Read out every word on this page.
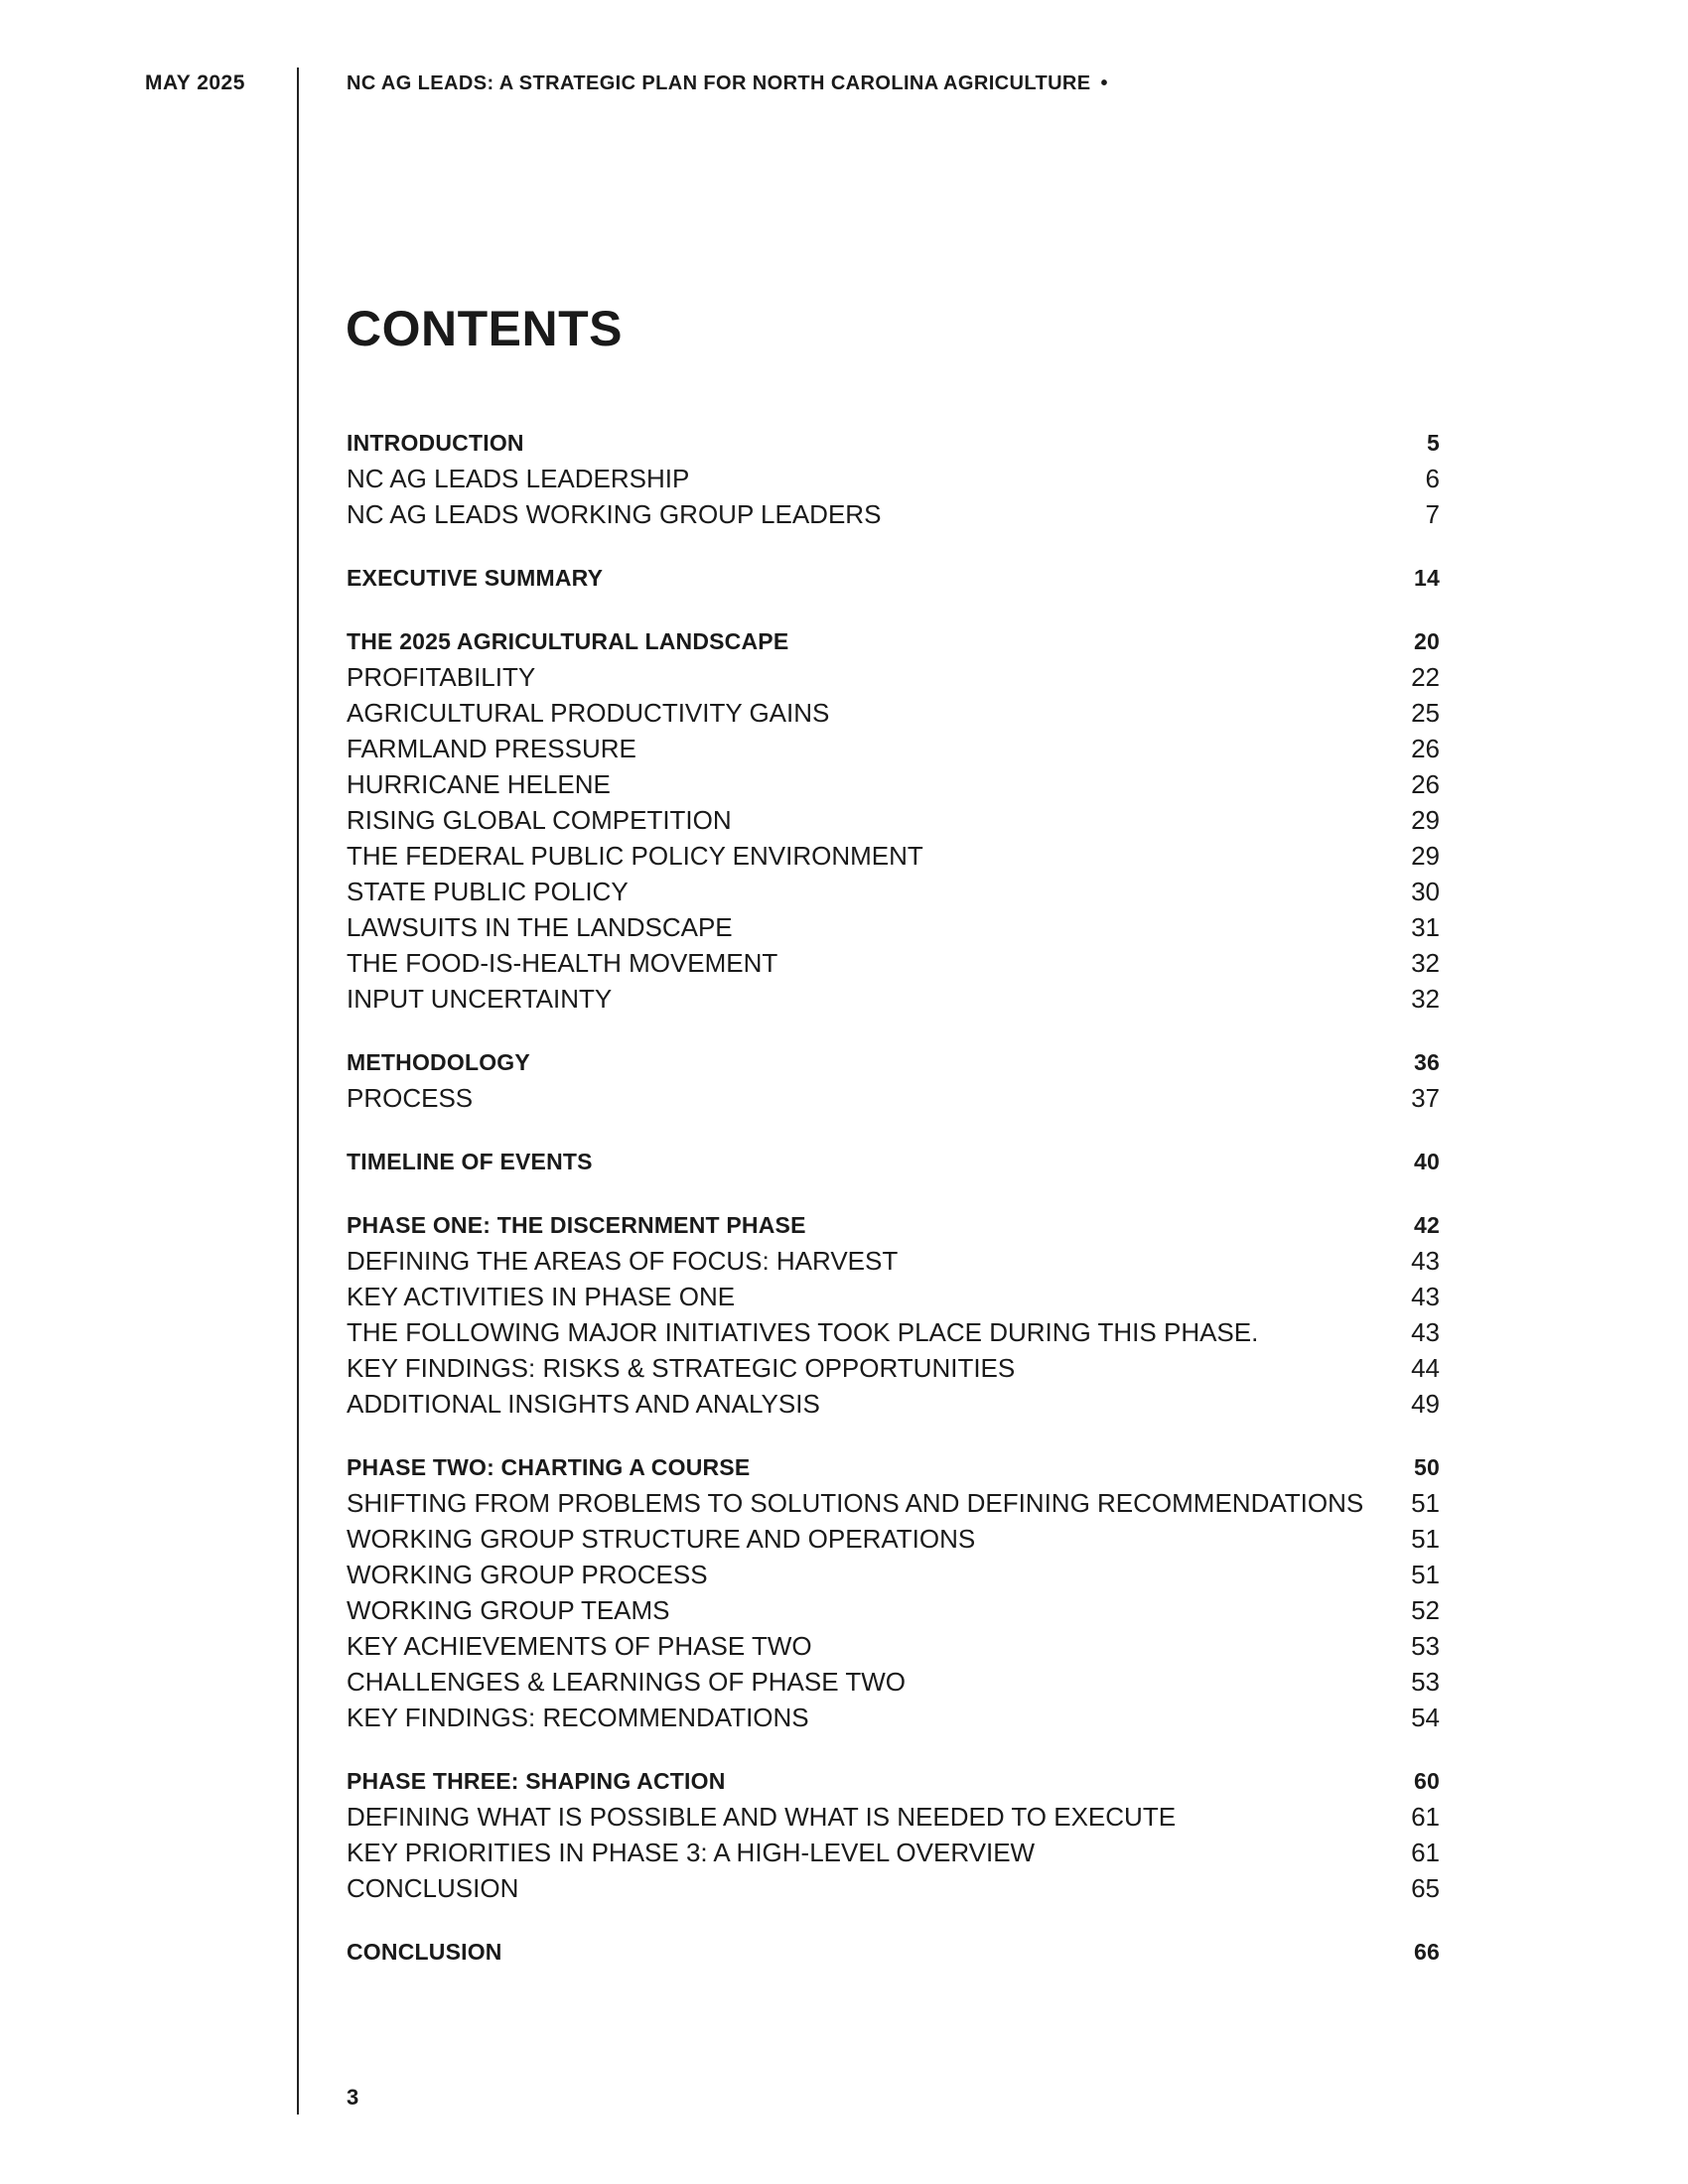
MAY 2025	NC AG LEADS: A STRATEGIC PLAN FOR NORTH CAROLINA AGRICULTURE •
CONTENTS
INTRODUCTION	5
NC AG LEADS LEADERSHIP	6
NC AG LEADS WORKING GROUP LEADERS	7
EXECUTIVE SUMMARY	14
THE 2025 AGRICULTURAL LANDSCAPE	20
PROFITABILITY	22
AGRICULTURAL PRODUCTIVITY GAINS	25
FARMLAND PRESSURE	26
HURRICANE HELENE	26
RISING GLOBAL COMPETITION	29
THE FEDERAL PUBLIC POLICY ENVIRONMENT	29
STATE PUBLIC POLICY	30
LAWSUITS IN THE LANDSCAPE	31
THE FOOD-IS-HEALTH MOVEMENT	32
INPUT UNCERTAINTY	32
METHODOLOGY	36
PROCESS	37
TIMELINE OF EVENTS	40
PHASE ONE: THE DISCERNMENT PHASE	42
DEFINING THE AREAS OF FOCUS: HARVEST	43
KEY ACTIVITIES IN PHASE ONE	43
THE FOLLOWING MAJOR INITIATIVES TOOK PLACE DURING THIS PHASE.	43
KEY FINDINGS: RISKS & STRATEGIC OPPORTUNITIES	44
ADDITIONAL INSIGHTS AND ANALYSIS	49
PHASE TWO: CHARTING A COURSE	50
SHIFTING FROM PROBLEMS TO SOLUTIONS AND DEFINING RECOMMENDATIONS	51
WORKING GROUP STRUCTURE AND OPERATIONS	51
WORKING GROUP PROCESS	51
WORKING GROUP TEAMS	52
KEY ACHIEVEMENTS OF PHASE TWO	53
CHALLENGES & LEARNINGS OF PHASE TWO	53
KEY FINDINGS: RECOMMENDATIONS	54
PHASE THREE: SHAPING ACTION	60
DEFINING WHAT IS POSSIBLE AND WHAT IS NEEDED TO EXECUTE	61
KEY PRIORITIES IN PHASE 3: A HIGH-LEVEL OVERVIEW	61
CONCLUSION	65
CONCLUSION	66
3
